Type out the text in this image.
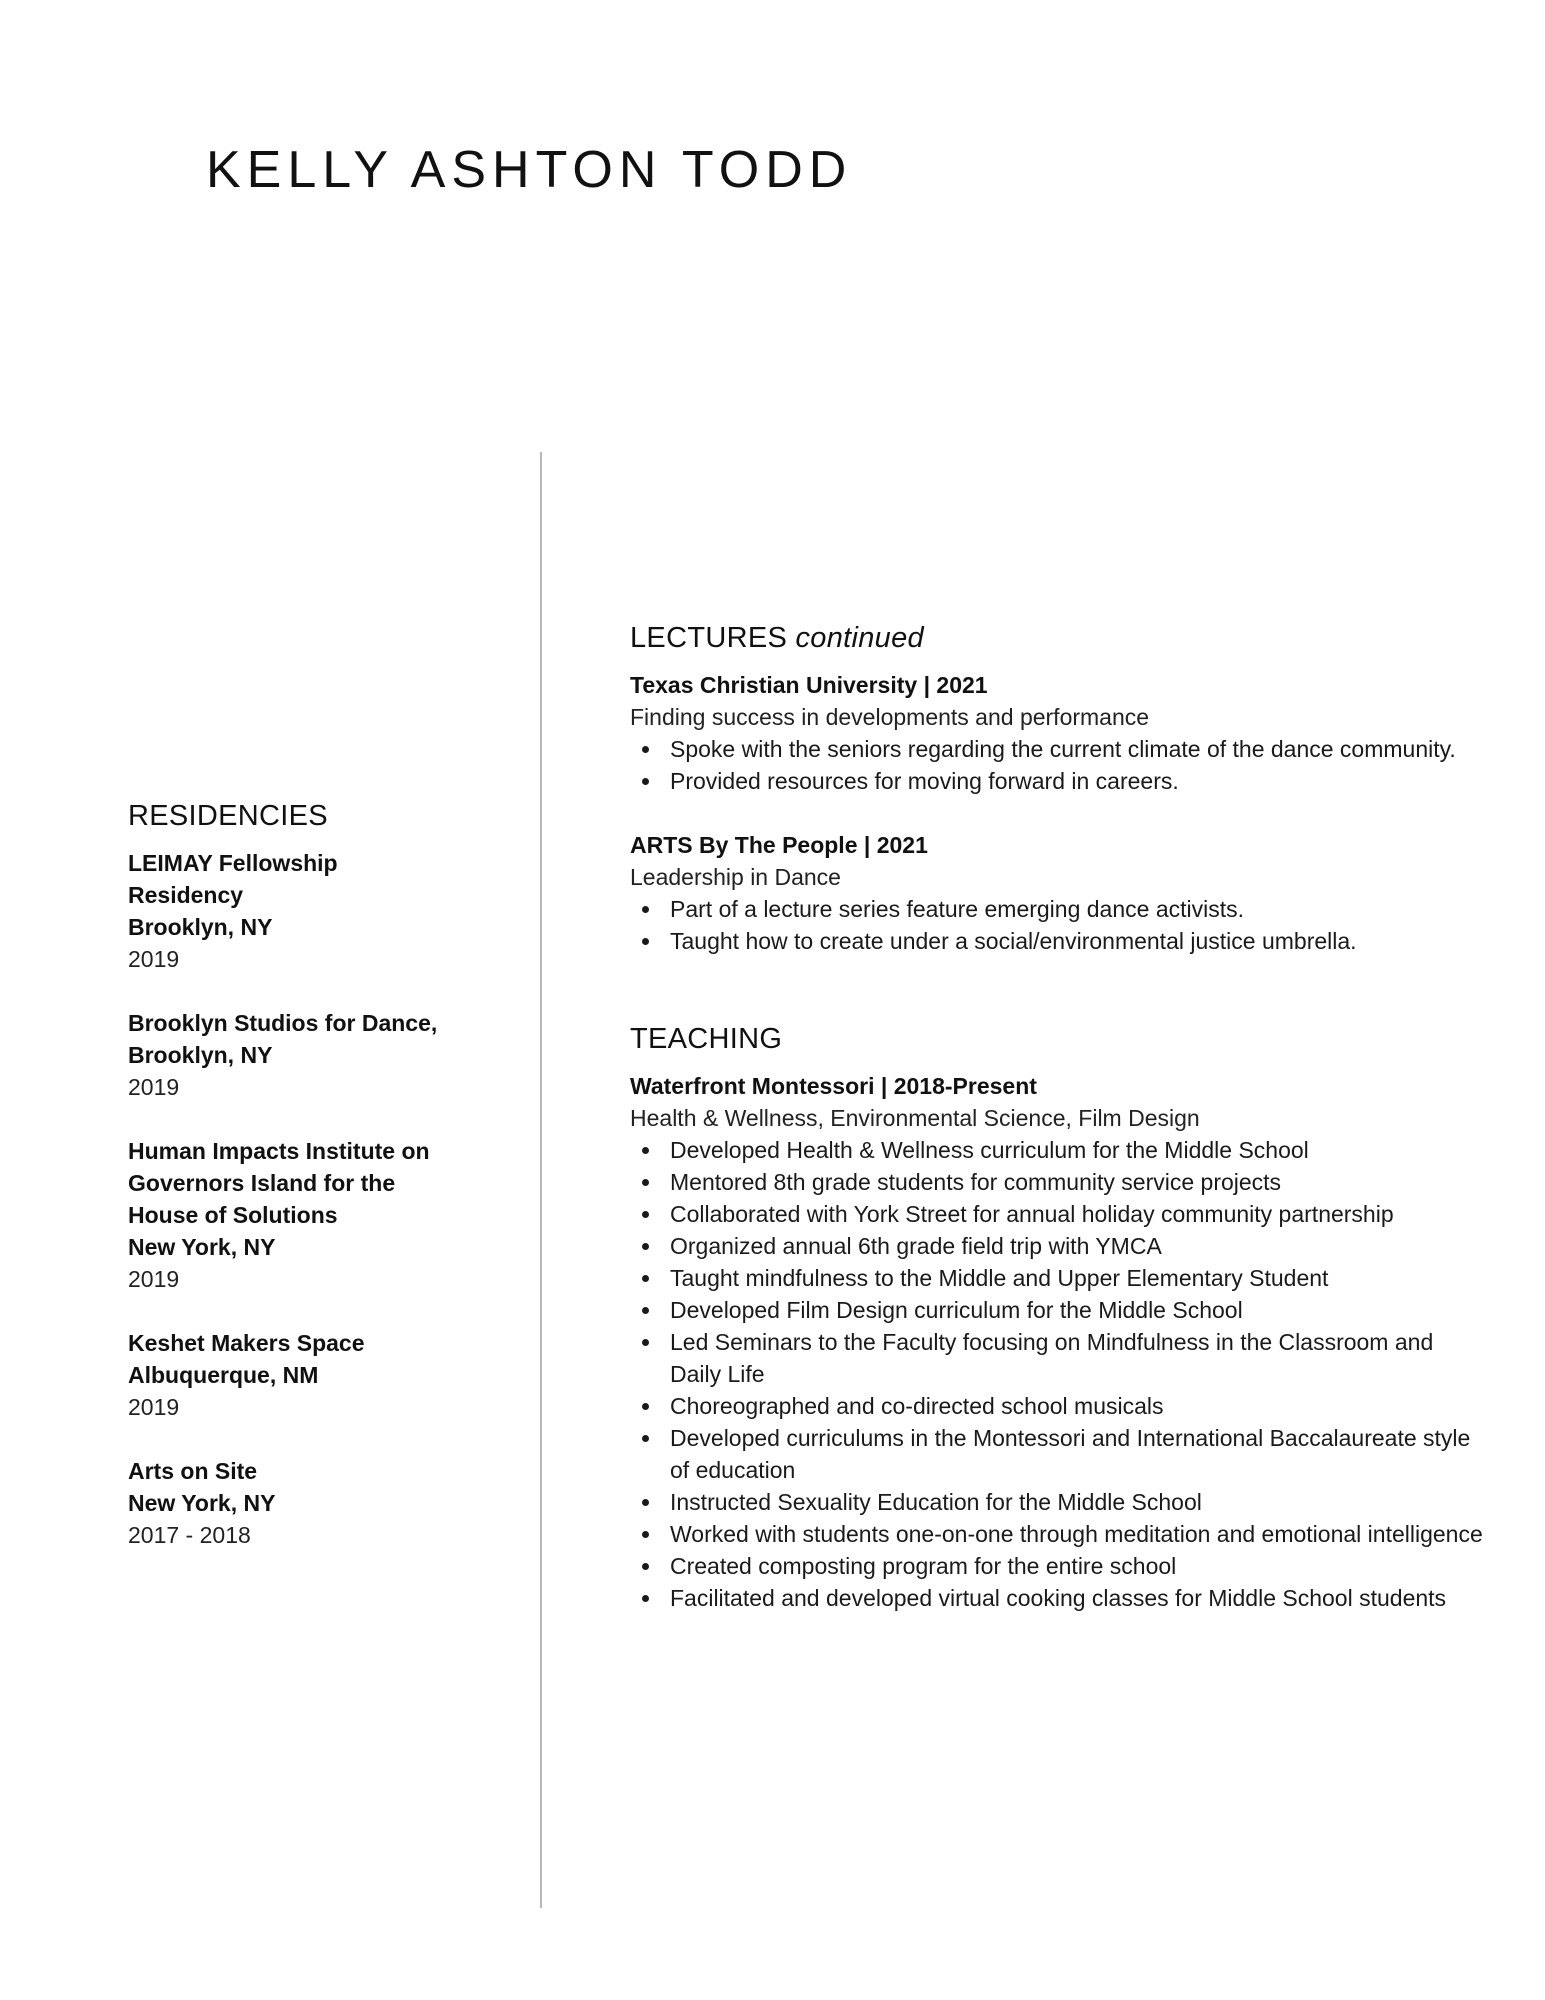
KELLY ASHTON TODD
RESIDENCIES
LEIMAY Fellowship
Residency
Brooklyn, NY
2019
Brooklyn Studios for Dance,
Brooklyn, NY
2019
Human Impacts Institute on
Governors Island for the
House of Solutions
New York, NY
2019
Keshet Makers Space
Albuquerque, NM
2019
Arts on Site
New York, NY
2017 - 2018
LECTURES continued
Texas Christian University | 2021
Finding success in developments and performance
Spoke with the seniors regarding the current climate of the dance community.
Provided resources for moving forward in careers.
ARTS By The People | 2021
Leadership in Dance
Part of a lecture series feature emerging dance activists.
Taught how to create under a social/environmental justice umbrella.
TEACHING
Waterfront Montessori | 2018-Present
Health & Wellness, Environmental Science, Film Design
Developed Health & Wellness curriculum for the Middle School
Mentored 8th grade students for community service projects
Collaborated with York Street for annual holiday community partnership
Organized annual 6th grade field trip with YMCA
Taught mindfulness to the Middle and Upper Elementary Student
Developed Film Design curriculum for the Middle School
Led Seminars to the Faculty focusing on Mindfulness in the Classroom and Daily Life
Choreographed and co-directed school musicals
Developed curriculums in the Montessori and International Baccalaureate style of education
Instructed Sexuality Education for the Middle School
Worked with students one-on-one through meditation and emotional intelligence
Created composting program for the entire school
Facilitated and developed virtual cooking classes for Middle School students
